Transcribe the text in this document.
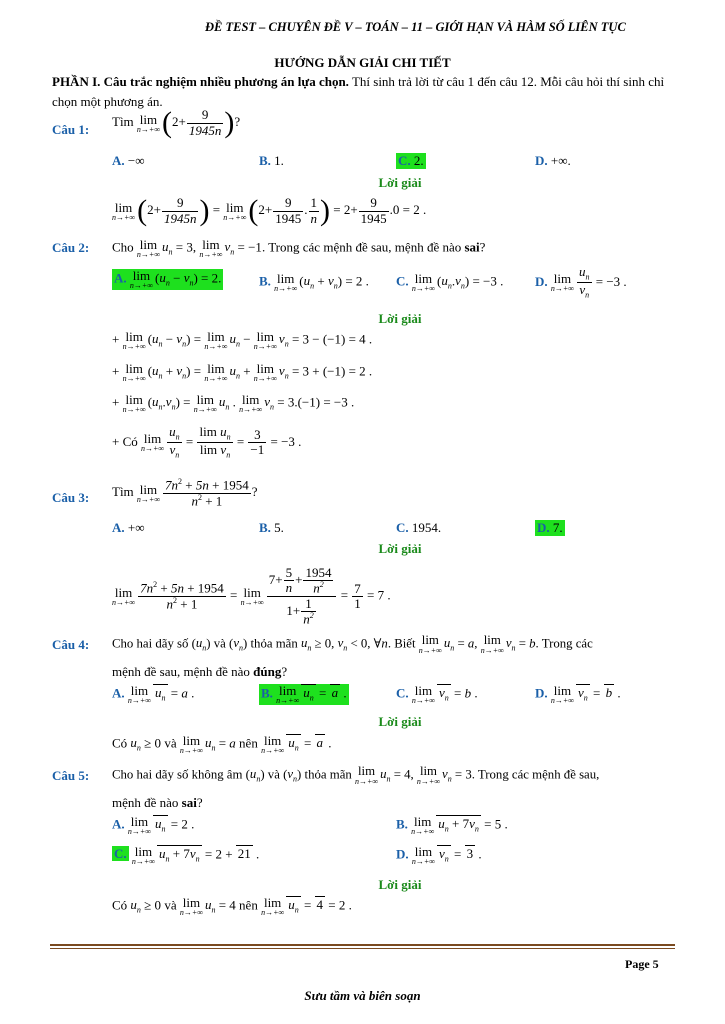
ĐỀ TEST – CHUYÊN ĐỀ V – TOÁN – 11 – GIỚI HẠN VÀ HÀM SỐ LIÊN TỤC
HƯỚNG DẪN GIẢI CHI TIẾT
PHẦN I. Câu trắc nghiệm nhiều phương án lựa chọn. Thí sinh trả lời từ câu 1 đến câu 12. Mỗi câu hỏi thí sinh chỉ chọn một phương án.
Câu 1:
Tìm lim
n→+∞ ($2+ \frac{9}{1945n}$ )?
A. −∞	B. 1.	C. 2.	D. +∞.
Lời giải
lim
n→+∞ ($2+ \frac{9}{1945n}$ ) = lim
n→+∞ ($2+ \frac{9}{1945}$ . $\frac{1}{n}$ ) = $2+ \frac{9}{1945} .0 = 2$ .
Câu 2: Cho lim
n→+∞
$u_n = 3$, lim
n→+∞
$v_n = -1$. Trong các mệnh đề sau, mệnh đề nào sai?
A. lim
n→+∞
$(u_n - v_n) = 2$.	B. lim
n→+∞
$(u_n + v_n) = 2$ . C. lim
n→+∞
$(u_n.v_n) = -3$ . D. lim
$n\to+\infty \frac{u_n}{v_n} = -3$ .
Lời giải
+ lim
n→+∞
$(u_n - v_n) = \lim$
n→+∞
$u_n - \lim$
n→+∞
$v_n = 3 - (-1) = 4$ .
+ lim
n→+∞
$(u_n + v_n) = \lim$
n→+∞
$u_n + \lim$
n→+∞
$v_n = 3 + (-1) = 2$ .
+ lim
n→+∞
$(u_n.v_n) = \lim$
n→+∞
$u_n$ . lim
n→+∞
$v_n = 3.(-1) = -3$ .
+ Có lim
$n\to+\infty \frac{u_n}{v_n} = \frac{\lim u_n}{\lim v_n} = \frac{3}{-1} = -3$ .
Câu 3: Tìm lim
$n\to+\infty \frac{7n^2 + 5n + 1954}{n^2 + 1}$ ?
A. +∞	B. 5.	C. 1954.	D. 7.
Lời giải
lim
$n\to+\infty \frac{7n^2 + 5n + 1954}{n^2 + 1} = \lim$
$n\to+\infty \frac{7+ \frac{5}{n} + \frac{1954}{n^2}}{1+ \frac{1}{n^2}} = \frac{7}{1} = 7$ .
Câu 4: Cho hai dãy số $(u_n)$ và $(v_n)$ thỏa mãn $u_n \ge 0$, $v_n < 0$, ∀n. Biết lim
n→+∞ $u_n = a$, lim
n→+∞ $v_n = b$. Trong các
mệnh đề sau, mệnh đề nào đúng?
A. lim
n→+∞
$u_n = a$ .	B. lim
n→+∞
$u_n = a$ .	C. lim
n→+∞
$v_n = b$ .	D. lim
n→+∞
$v_n = b$ .
Lời giải
Có $u_n \ge 0$ và lim
n→+∞
$u_n = a$ nên lim
n→+∞
$u_n = a$ .
Câu 5: Cho hai dãy số không âm $(u_n)$ và $(v_n)$ thỏa mãn lim
n→+∞ $u_n = 4$, lim
n→+∞ $v_n = 3$. Trong các mệnh đề sau,
mệnh đề nào sai?
A. lim
n→+∞
$u_n = 2$ .	B. lim
n→+∞
$u_n + 7v_n = 5$ .
C. lim
n→+∞
$u_n + 7v_n = 2 + 21$ .	D. lim
n→+∞
$v_n = 3$ .
Lời giải
Có $u_n \ge 0$ và lim
n→+∞
$u_n = 4$ nên lim
n→+∞
$u_n = 4 = 2$ .
Page 5
Sưu tầm và biên soạn
